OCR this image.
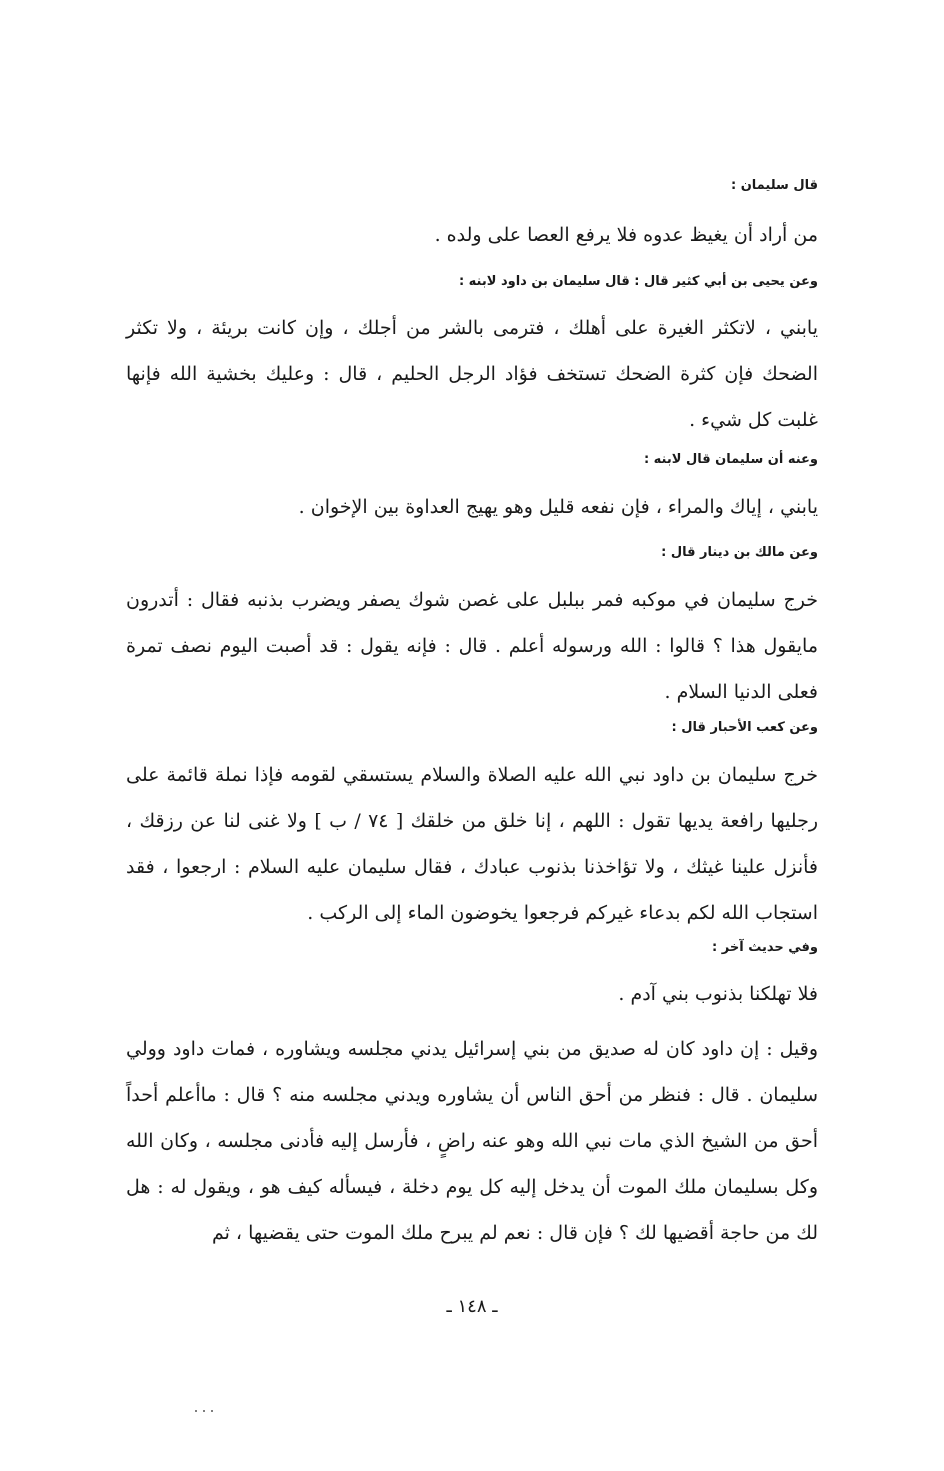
قال سليمان :

من أراد أن يغيظ عدوه فلا يرفع العصا على ولده .

وعن يحيى بن أبي كثير قال : قال سليمان بن داود لابنه :

يابني ، لاتكثر الغيرة على أهلك ، فترمى بالشر من أجلك ، وإن كانت بريئة ، ولا تكثر الضحك فإن كثرة الضحك تستخف فؤاد الرجل الحليم ، قال : وعليك بخشية الله فإنها غلبت كل شيء .

وعنه أن سليمان قال لابنه :

يابني ، إياك والمراء ، فإن نفعه قليل وهو يهيج العداوة بين الإخوان .

وعن مالك بن دينار قال :

خرج سليمان في موكبه فمر ببلبل على غصن شوك يصفر ويضرب بذنبه فقال : أتدرون مايقول هذا ؟ قالوا : الله ورسوله أعلم . قال : فإنه يقول : قد أصبت اليوم نصف تمرة فعلى الدنيا السلام .

وعن كعب الأحبار قال :

خرج سليمان بن داود نبي الله عليه الصلاة والسلام يستسقي لقومه فإذا نملة قائمة على رجليها رافعة يديها تقول : اللهم ، إنا خلق من خلقك [ ٧٤ / ب ] ولا غنى لنا عن رزقك ، فأنزل علينا غيثك ، ولا تؤاخذنا بذنوب عبادك ، فقال سليمان عليه السلام : ارجعوا ، فقد استجاب الله لكم بدعاء غيركم فرجعوا يخوضون الماء إلى الركب .

وفي حديث آخر :

فلا تهلكنا بذنوب بني آدم .

وقيل : إن داود كان له صديق من بني إسرائيل يدني مجلسه ويشاوره ، فمات داود وولي سليمان . قال : فنظر من أحق الناس أن يشاوره ويدني مجلسه منه ؟ قال : ماأعلم أحداً أحق من الشيخ الذي مات نبي الله وهو عنه راضٍ ، فأرسل إليه فأدنى مجلسه ، وكان الله وكل بسليمان ملك الموت أن يدخل إليه كل يوم دخلة ، فيسأله كيف هو ، ويقول له : هل لك من حاجة أقضيها لك ؟ فإن قال : نعم لم يبرح ملك الموت حتى يقضيها ، ثم

ـ ١٤٨ ـ
